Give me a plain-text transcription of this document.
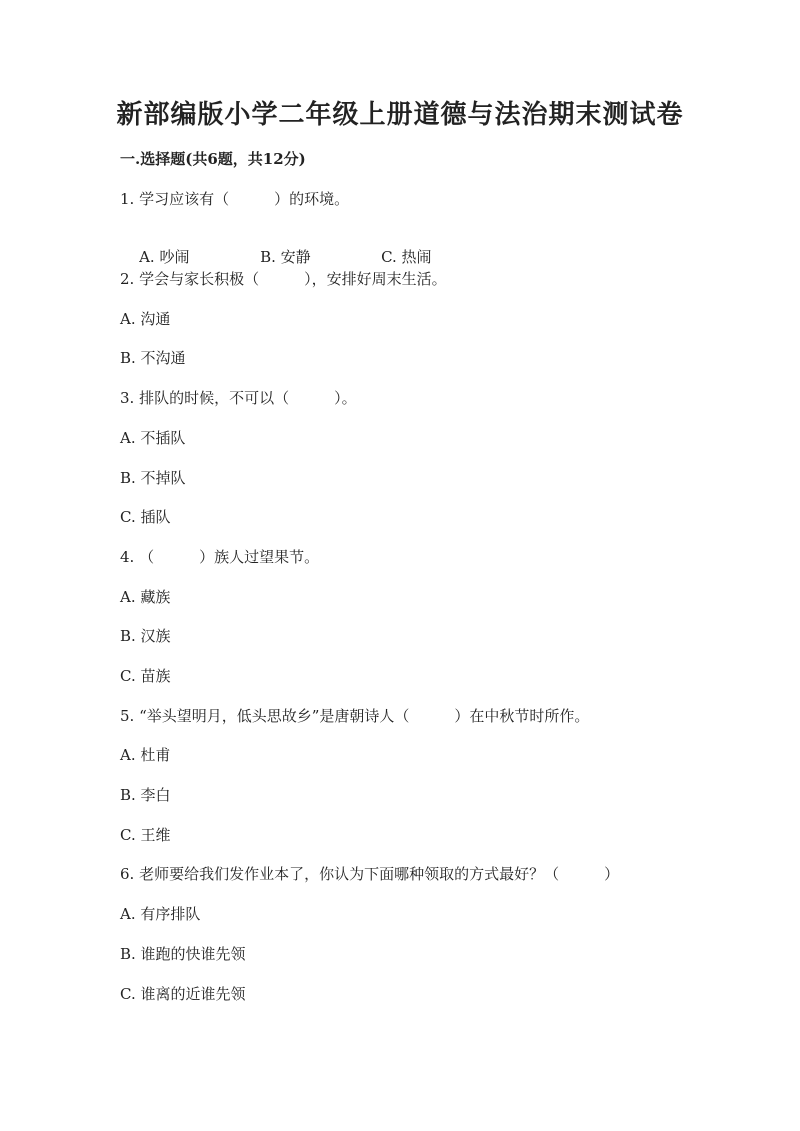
新部编版小学二年级上册道德与法治期末测试卷
一.选择题(共6题，共12分)
1. 学习应该有（　　　）的环境。

A. 吵闹	B. 安静	C. 热闹

2. 学会与家长积极（　　　），安排好周末生活。
A. 沟通
B. 不沟通
3. 排队的时候，不可以（　　　）。
A. 不插队
B. 不掉队
C. 插队
4. （　　　）族人过望果节。
A. 藏族
B. 汉族
C. 苗族
5. “举头望明月，低头思故乡”是唐朝诗人（　　　）在中秋节时所作。
A. 杜甫
B. 李白
C. 王维
6. 老师要给我们发作业本了，你认为下面哪种领取的方式最好？（　　　）
A. 有序排队
B. 谁跑的快谁先领
C. 谁离的近谁先领
